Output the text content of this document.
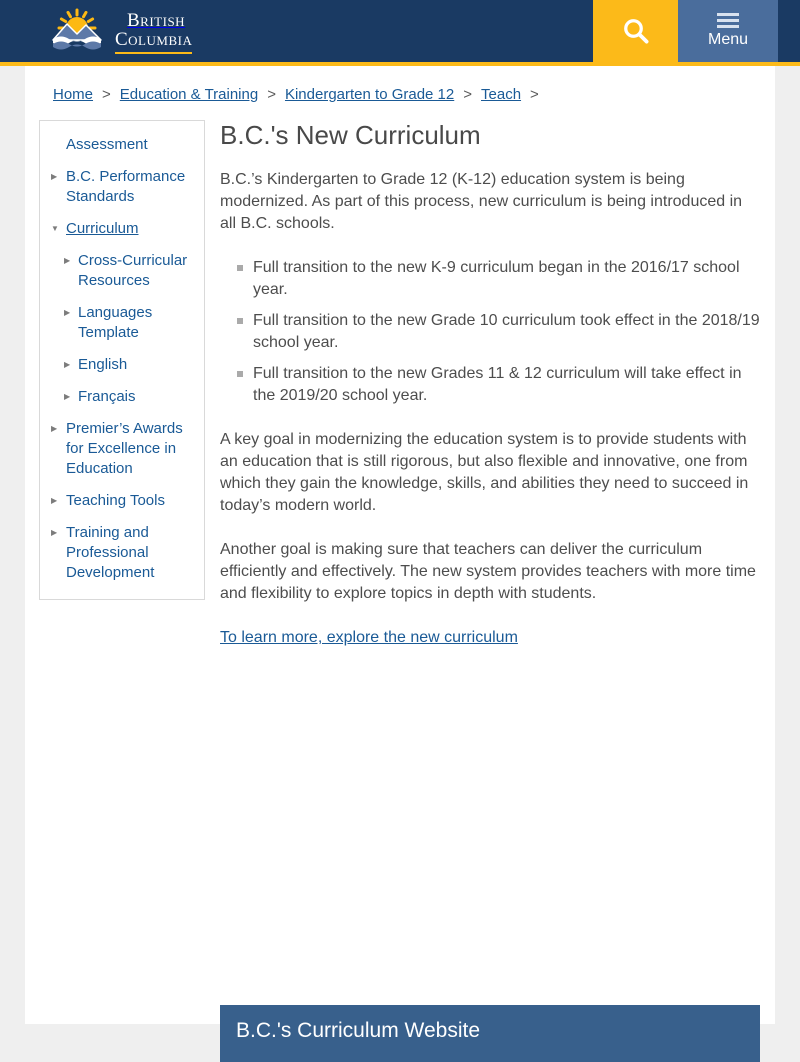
British
Columbia	Menu
Home > Education & Training > Kindergarten to Grade 12 > Teach >
Assessment
▶
B.C. Performance Standards
▼
Curriculum
▶
Cross-Curricular Resources
▶
Languages Template
▶
English
▶
Français
▶
Premier’s Awards for Excellence in Education
▶
Teaching Tools
▶
Training and Professional Development
B.C.'s New Curriculum

B.C.’s Kindergarten to Grade 12 (K-12) education system is being modernized. As part of this process, new curriculum is being introduced in all B.C. schools.

Full transition to the new K-9 curriculum began in the 2016/17 school year.
Full transition to the new Grade 10 curriculum took effect in the 2018/19 school year.
Full transition to the new Grades 11 & 12 curriculum will take effect in the 2019/20 school year.

A key goal in modernizing the education system is to provide students with an education that is still rigorous, but also flexible and innovative, one from which they gain the knowledge, skills, and abilities they need to succeed in today’s modern world.

Another goal is making sure that teachers can deliver the curriculum efficiently and effectively. The new system provides teachers with more time and flexibility to explore topics in depth with students.

To learn more, explore the new curriculum
B.C.'s Curriculum Website
